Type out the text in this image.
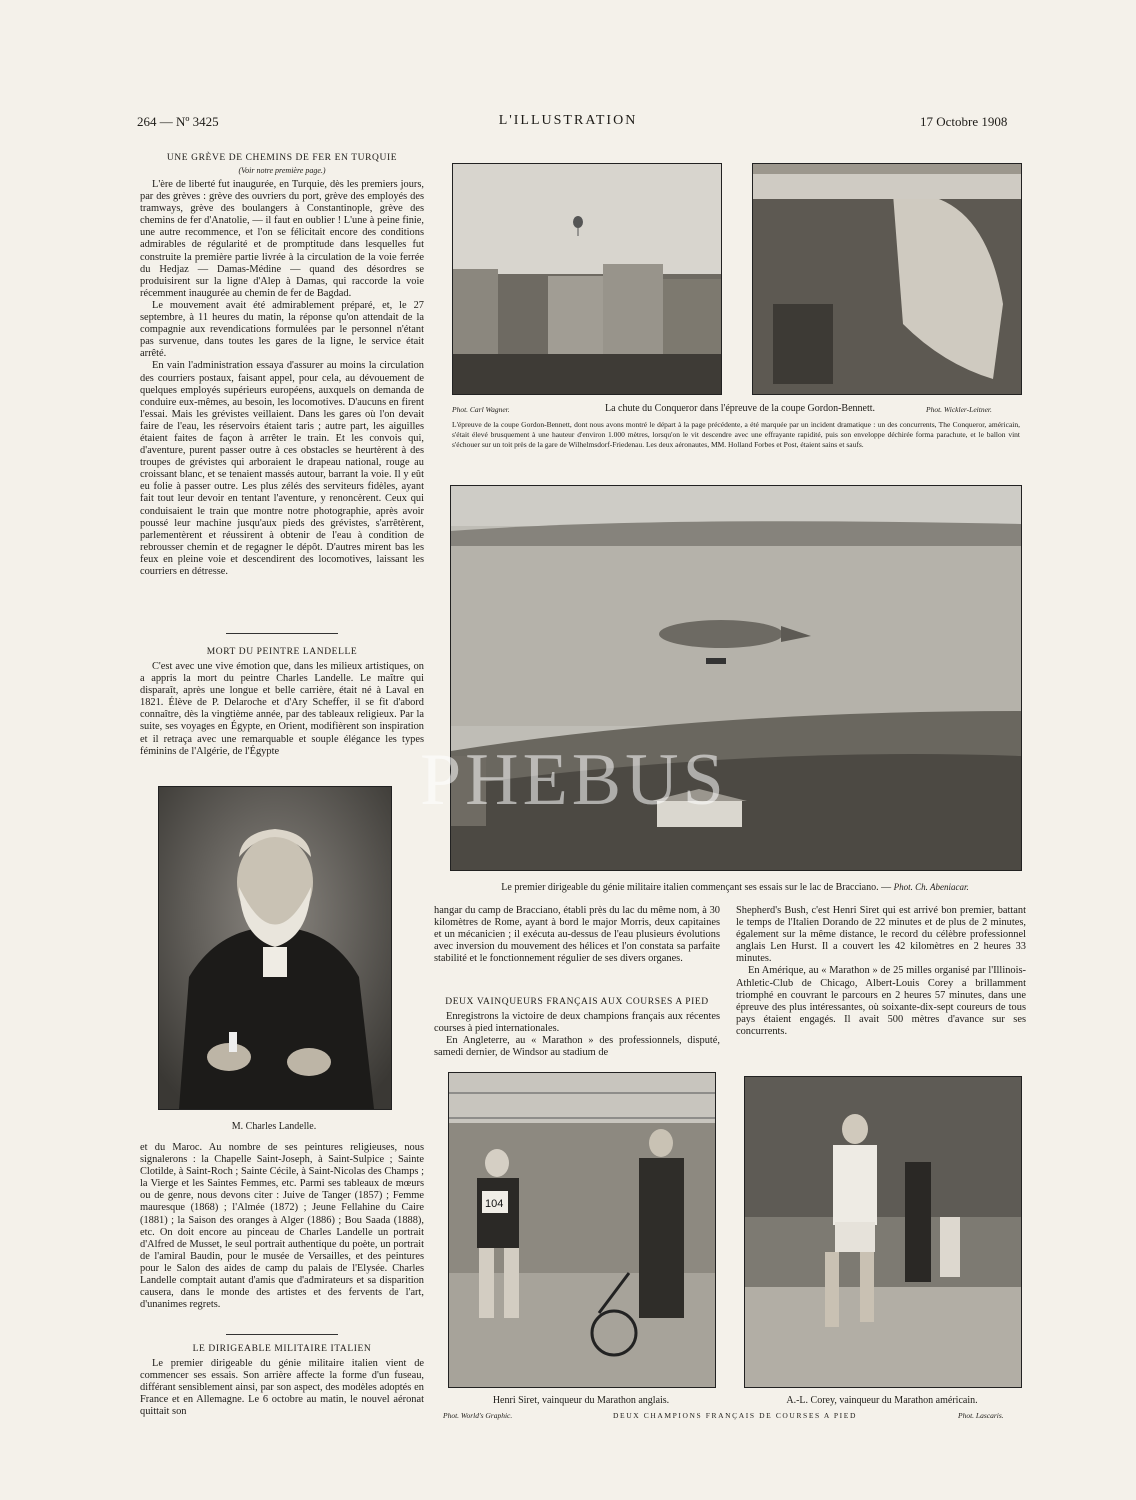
264 — Nº 3425	L'ILLUSTRATION	17 Octobre 1908
UNE GRÈVE DE CHEMINS DE FER EN TURQUIE
(Voir notre première page.)

L'ère de liberté fut inaugurée, en Turquie, dès les premiers jours, par des grèves : grève des ouvriers du port, grève des employés des tramways, grève des boulangers à Constantinople, grève des chemins de fer d'Anatolie, — il faut en oublier ! L'une à peine finie, une autre recommence, et l'on se félicitait encore des conditions admirables de régularité et de promptitude dans lesquelles fut construite la première partie livrée à la circulation de la voie ferrée du Hedjaz — Damas-Médine — quand des désordres se produisirent sur la ligne d'Alep à Damas, qui raccorde la voie récemment inaugurée au chemin de fer de Bagdad.

Le mouvement avait été admirablement préparé, et, le 27 septembre, à 11 heures du matin, la réponse qu'on attendait de la compagnie aux revendications formulées par le personnel n'étant pas survenue, dans toutes les gares de la ligne, le service était arrêté.

En vain l'administration essaya d'assurer au moins la circulation des courriers postaux, faisant appel, pour cela, au dévouement de quelques employés supérieurs européens, auxquels on demanda de conduire eux-mêmes, au besoin, les locomotives. D'aucuns en firent l'essai. Mais les grévistes veillaient. Dans les gares où l'on devait faire de l'eau, les réservoirs étaient taris ; autre part, les aiguilles étaient faites de façon à arrêter le train. Et les convois qui, d'aventure, purent passer outre à ces obstacles se heurtèrent à des troupes de grévistes qui arboraient le drapeau national, rouge au croissant blanc, et se tenaient massés autour, barrant la voie. Il y eût eu folie à passer outre. Les plus zélés des serviteurs fidèles, ayant fait tout leur devoir en tentant l'aventure, y renoncèrent. Ceux qui conduisaient le train que montre notre photographie, après avoir poussé leur machine jusqu'aux pieds des grévistes, s'arrêtèrent, parlementèrent et réussirent à obtenir de l'eau à condition de rebrousser chemin et de regagner le dépôt. D'autres mirent bas les feux en pleine voie et descendirent des locomotives, laissant les courriers en détresse.

MORT DU PEINTRE LANDELLE

C'est avec une vive émotion que, dans les milieux artistiques, on a appris la mort du peintre Charles Landelle. Le maître qui disparaît, après une longue et belle carrière, était né à Laval en 1821. Élève de P. Delaroche et d'Ary Scheffer, il se fit d'abord connaître, dès la vingtième année, par des tableaux religieux. Par la suite, ses voyages en Égypte, en Orient, modifièrent son inspiration et il retraça avec une remarquable et souple élégance les types féminins de l'Algérie, de l'Égypte

M. Charles Landelle.

et du Maroc. Au nombre de ses peintures religieuses, nous signalerons : la Chapelle Saint-Joseph, à Saint-Sulpice ; Sainte Clotilde, à Saint-Roch ; Sainte Cécile, à Saint-Nicolas des Champs ; la Vierge et les Saintes Femmes, etc. Parmi ses tableaux de mœurs ou de genre, nous devons citer : Juive de Tanger (1857) ; Femme mauresque (1868) ; l'Almée (1872) ; Jeune Fellahine du Caire (1881) ; la Saison des oranges à Alger (1886) ; Bou Saada (1888), etc. On doit encore au pinceau de Charles Landelle un portrait d'Alfred de Musset, le seul portrait authentique du poète, un portrait de l'amiral Baudin, pour le musée de Versailles, et des peintures pour le Salon des aides de camp du palais de l'Elysée. Charles Landelle comptait autant d'amis que d'admirateurs et sa disparition causera, dans le monde des artistes et des fervents de l'art, d'unanimes regrets.

LE DIRIGEABLE MILITAIRE ITALIEN

Le premier dirigeable du génie militaire italien vient de commencer ses essais. Son arrière affecte la forme d'un fuseau, différant sensiblement ainsi, par son aspect, des modèles adoptés en France et en Allemagne. Le 6 octobre au matin, le nouvel aéronat quittait son

Phot. Carl Wagner.	La chute du Conqueror dans l'épreuve de la coupe Gordon-Bennett.	Phot. Wickler-Leitner.
L'épreuve de la coupe Gordon-Bennett, dont nous avons montré le départ à la page précédente, a été marquée par un incident dramatique : un des concurrents, The Conqueror, américain, s'était élevé brusquement à une hauteur d'environ 1.000 mètres, lorsqu'on le vit descendre avec une effrayante rapidité, puis son enveloppe déchirée forma parachute, et le ballon vint s'échouer sur un toit près de la gare de Wilhelmsdorf-Friedenau. Les deux aéronautes, MM. Holland Forbes et Post, étaient sains et saufs.
Le premier dirigeable du génie militaire italien commençant ses essais sur le lac de Bracciano. — Phot. Ch. Abeniacar.

hangar du camp de Bracciano, établi près du lac du même nom, à 30 kilomètres de Rome, ayant à bord le major Morris, deux capitaines et un mécanicien ; il exécuta au-dessus de l'eau plusieurs évolutions avec inversion du mouvement des hélices et l'on constata sa parfaite stabilité et le fonctionnement régulier de ses divers organes.

DEUX VAINQUEURS FRANÇAIS AUX COURSES A PIED

Enregistrons la victoire de deux champions français aux récentes courses à pied internationales.

En Angleterre, au « Marathon » des professionnels, disputé, samedi dernier, de Windsor au stadium de

Shepherd's Bush, c'est Henri Siret qui est arrivé bon premier, battant le temps de l'Italien Dorando de 22 minutes et de plus de 2 minutes, également sur la même distance, le record du célèbre professionnel anglais Len Hurst. Il a couvert les 42 kilomètres en 2 heures 33 minutes.

En Amérique, au « Marathon » de 25 milles organisé par l'Illinois-Athletic-Club de Chicago, Albert-Louis Corey a brillamment triomphé en couvrant le parcours en 2 heures 57 minutes, dans une épreuve des plus intéressantes, où soixante-dix-sept coureurs de tous pays étaient engagés. Il avait 500 mètres d'avance sur ses concurrents.

104
Henri Siret, vainqueur du Marathon anglais.	A.-L. Corey, vainqueur du Marathon américain.
Phot. World's Graphic.	DEUX CHAMPIONS FRANÇAIS DE COURSES A PIED	Phot. Lascaris.
PHEBUS
